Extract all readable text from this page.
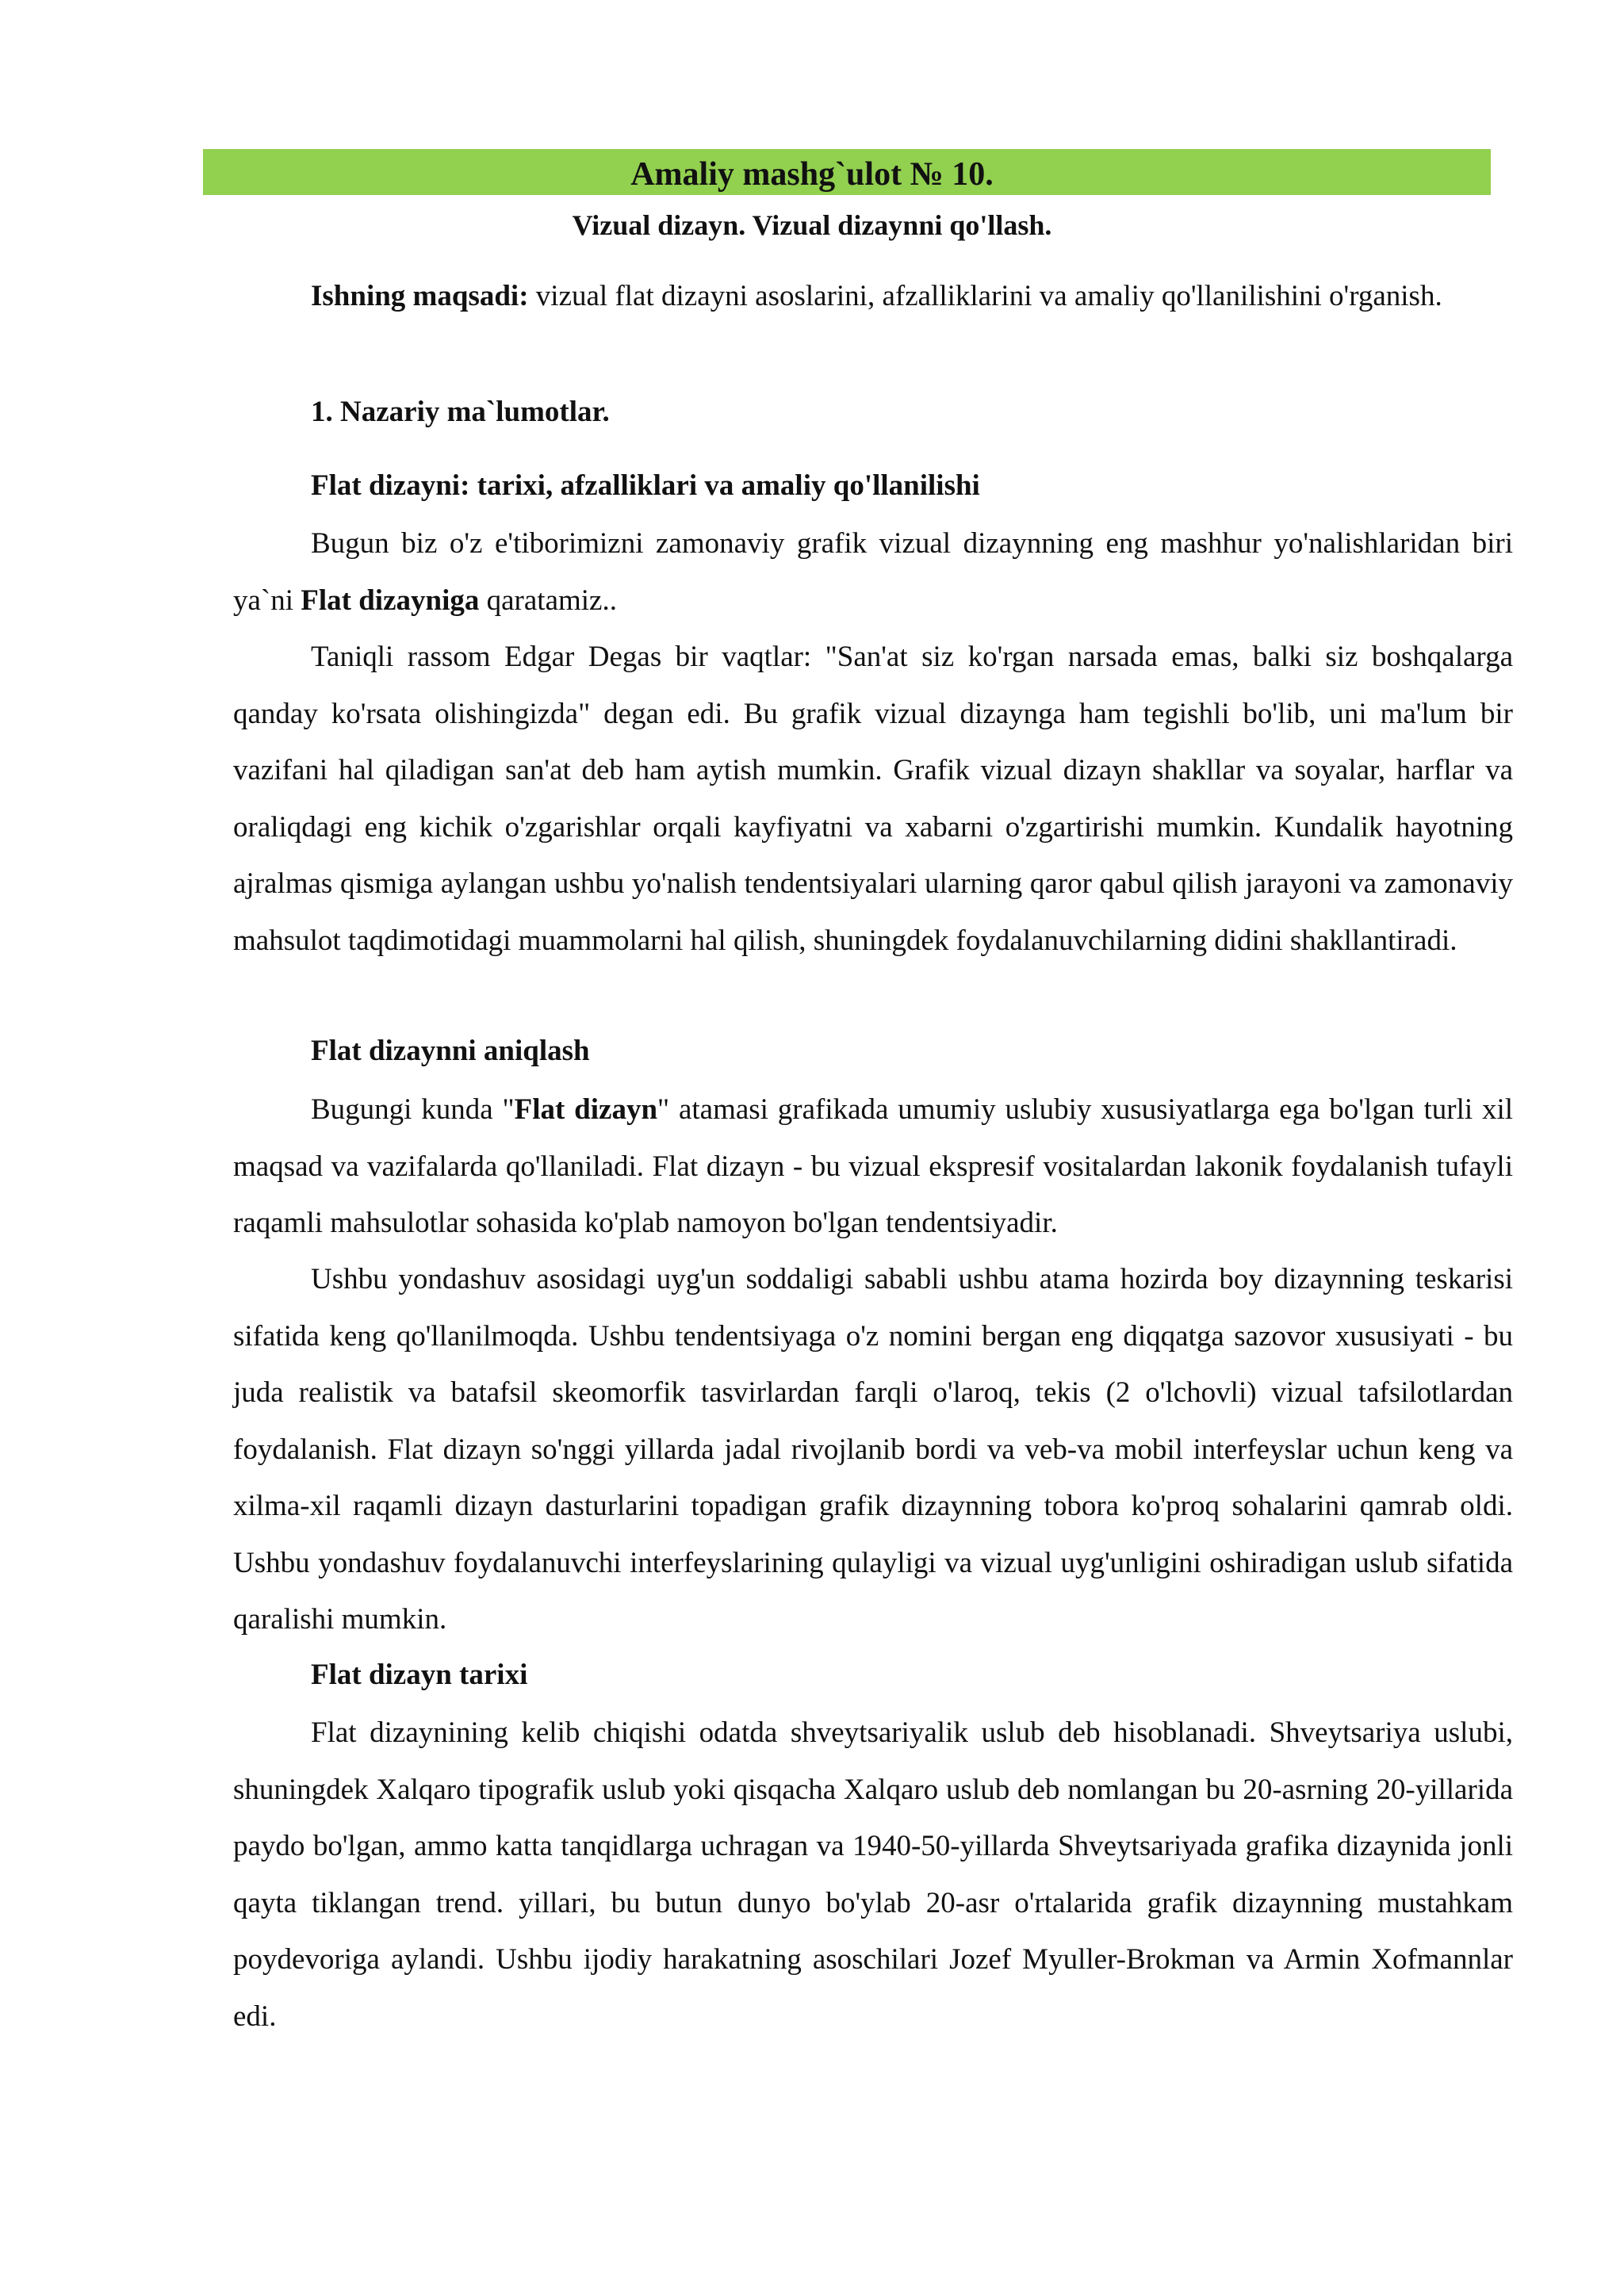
Amaliy mashg`ulot № 10.
Vizual dizayn. Vizual dizaynni qo'llash.

Ishning maqsadi: vizual flat dizayni asoslarini, afzalliklarini va amaliy qo'llanilishini o'rganish.

1. Nazariy ma`lumotlar.

Flat dizayni: tarixi, afzalliklari va amaliy qo'llanilishi

Bugun biz o'z e'tiborimizni zamonaviy grafik vizual dizaynning eng mashhur yo'nalishlaridan biri ya`ni Flat dizayniga qaratamiz..

Taniqli rassom Edgar Degas bir vaqtlar: "San'at siz ko'rgan narsada emas, balki siz boshqalarga qanday ko'rsata olishingizda" degan edi. Bu grafik vizual dizaynga ham tegishli bo'lib, uni ma'lum bir vazifani hal qiladigan san'at deb ham aytish mumkin. Grafik vizual dizayn shakllar va soyalar, harflar va oraliqdagi eng kichik o'zgarishlar orqali kayfiyatni va xabarni o'zgartirishi mumkin. Kundalik hayotning ajralmas qismiga aylangan ushbu yo'nalish tendentsiyalari ularning qaror qabul qilish jarayoni va zamonaviy mahsulot taqdimotidagi muammolarni hal qilish, shuningdek foydalanuvchilarning didini shakllantiradi.

Flat dizaynni aniqlash

Bugungi kunda "Flat dizayn" atamasi grafikada umumiy uslubiy xususiyatlarga ega bo'lgan turli xil maqsad va vazifalarda qo'llaniladi. Flat dizayn - bu vizual ekspresif vositalardan lakonik foydalanish tufayli raqamli mahsulotlar sohasida ko'plab namoyon bo'lgan tendentsiyadir.

Ushbu yondashuv asosidagi uyg'un soddaligi sababli ushbu atama hozirda boy dizaynning teskarisi sifatida keng qo'llanilmoqda. Ushbu tendentsiyaga o'z nomini bergan eng diqqatga sazovor xususiyati - bu juda realistik va batafsil skeomorfik tasvirlardan farqli o'laroq, tekis (2 o'lchovli) vizual tafsilotlardan foydalanish. Flat dizayn so'nggi yillarda jadal rivojlanib bordi va veb-va mobil interfeyslar uchun keng va xilma-xil raqamli dizayn dasturlarini topadigan grafik dizaynning tobora ko'proq sohalarini qamrab oldi. Ushbu yondashuv foydalanuvchi interfeyslarining qulayligi va vizual uyg'unligini oshiradigan uslub sifatida qaralishi mumkin.

Flat dizayn tarixi

Flat dizaynining kelib chiqishi odatda shveytsariyalik uslub deb hisoblanadi. Shveytsariya uslubi, shuningdek Xalqaro tipografik uslub yoki qisqacha Xalqaro uslub deb nomlangan bu 20-asrning 20-yillarida paydo bo'lgan, ammo katta tanqidlarga uchragan va 1940-50-yillarda Shveytsariyada grafika dizaynida jonli qayta tiklangan trend. yillari, bu butun dunyo bo'ylab 20-asr o'rtalarida grafik dizaynning mustahkam poydevoriga aylandi. Ushbu ijodiy harakatning asoschilari Jozef Myuller-Brokman va Armin Xofmannlar edi.
